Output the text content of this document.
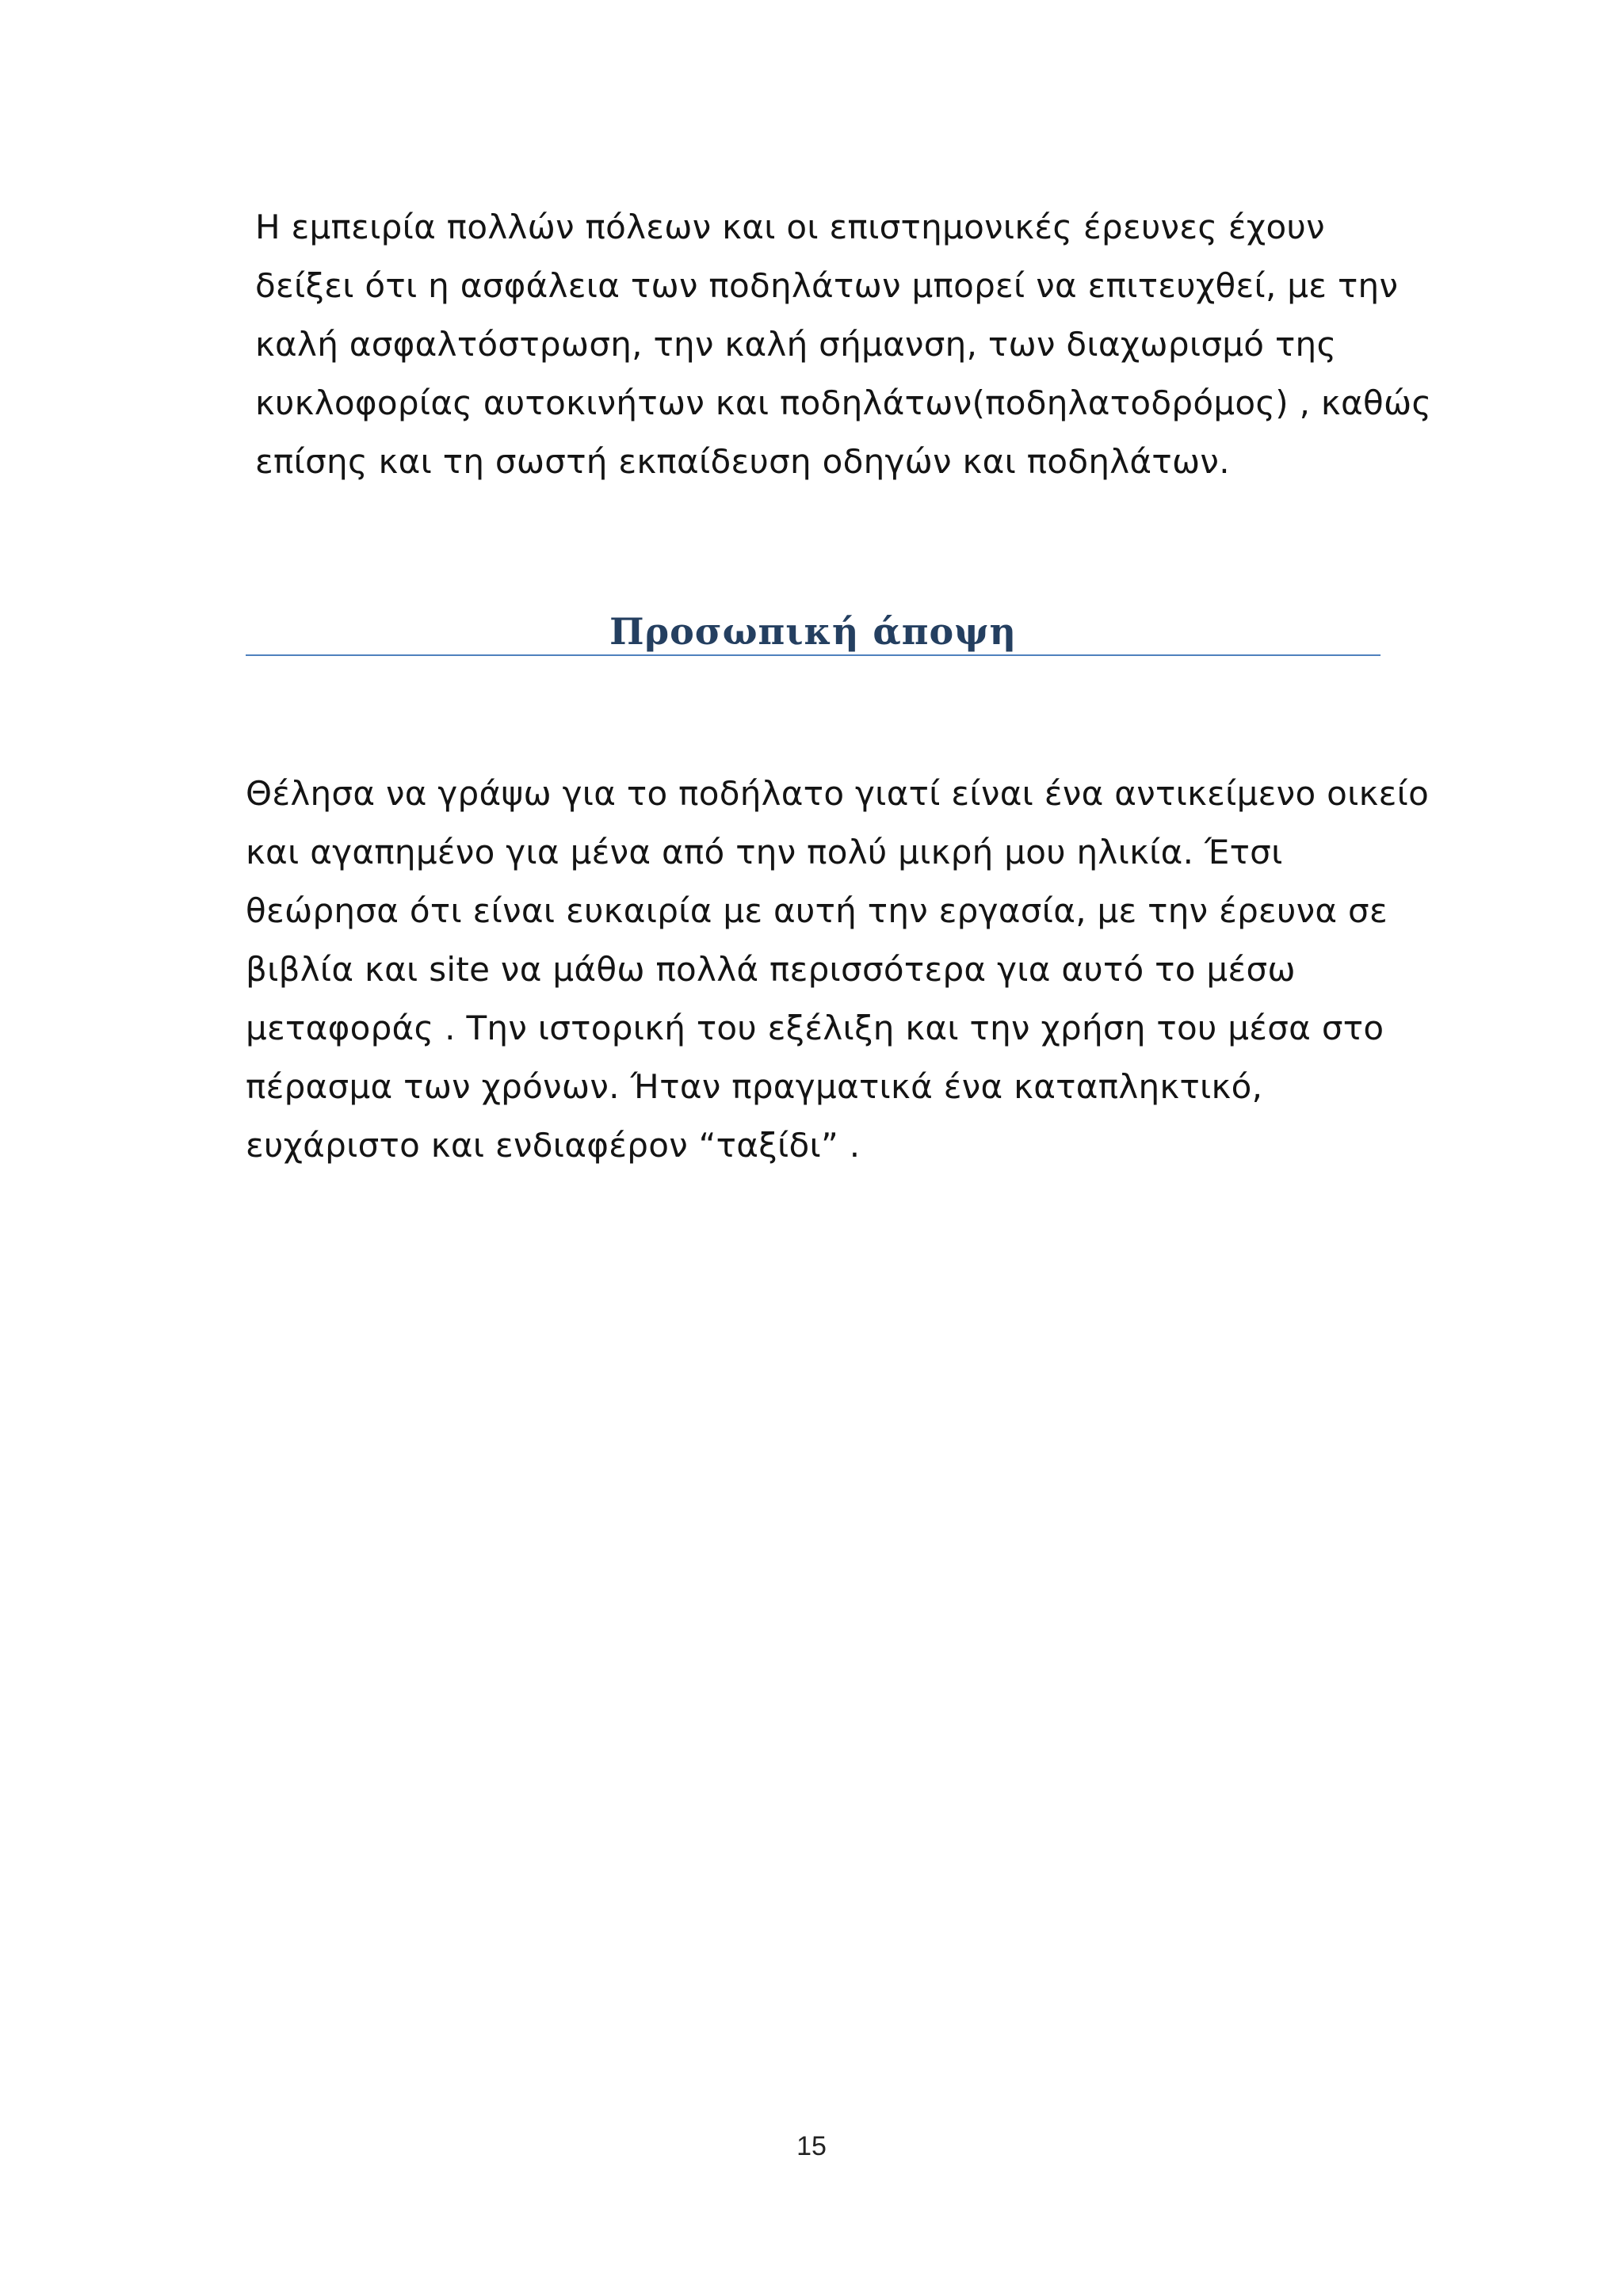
Η εμπειρία πολλών πόλεων και οι επιστημονικές έρευνες έχουν
δείξει ότι η ασφάλεια των ποδηλάτων μπορεί να επιτευχθεί, με την
καλή ασφαλτόστρωση, την καλή σήμανση, των διαχωρισμό της
κυκλοφορίας αυτοκινήτων και ποδηλάτων(ποδηλατοδρόμος) , καθώς
επίσης και τη σωστή εκπαίδευση οδηγών και ποδηλάτων.
Προσωπική άποψη
Θέλησα να γράψω για το ποδήλατο γιατί είναι ένα αντικείμενο οικείο
και αγαπημένο για μένα από την πολύ μικρή μου ηλικία. Έτσι
θεώρησα ότι είναι ευκαιρία με αυτή την εργασία, με την έρευνα σε
βιβλία και site να μάθω πολλά περισσότερα για αυτό το μέσω
μεταφοράς . Την ιστορική του εξέλιξη και την χρήση του μέσα στο
πέρασμα των χρόνων. Ήταν πραγματικά ένα καταπληκτικό,
ευχάριστο και ενδιαφέρον “ταξίδι” .
15
